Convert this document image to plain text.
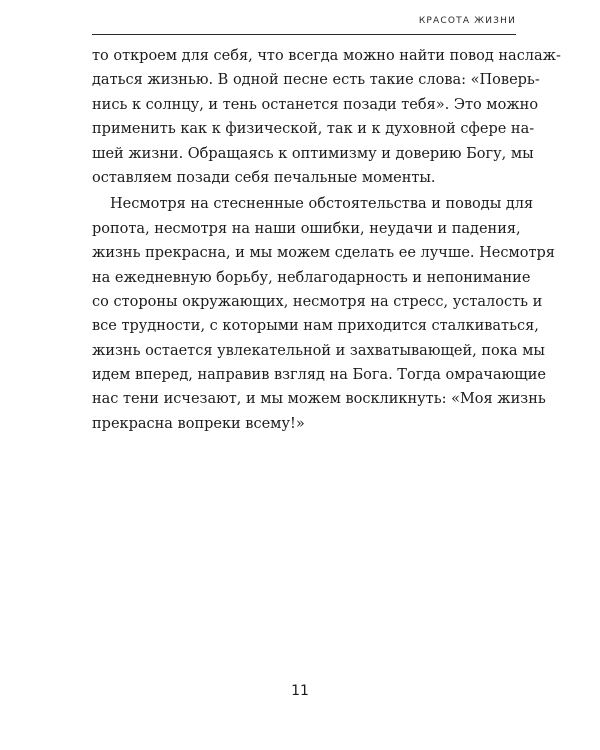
КРАСОТА ЖИЗНИ
то откроем для себя, что всегда можно найти повод наслаж-
даться жизнью. В одной песне есть такие слова: «Поверь-
нись к солнцу, и тень останется позади тебя». Это можно
применить как к физической, так и к духовной сфере на-
шей жизни. Обращаясь к оптимизму и доверию Богу, мы
оставляем позади себя печальные моменты.
Несмотря на стесненные обстоятельства и поводы для
ропота, несмотря на наши ошибки, неудачи и падения,
жизнь прекрасна, и мы можем сделать ее лучше. Несмотря
на ежедневную борьбу, неблагодарность и непонимание
со стороны окружающих, несмотря на стресс, усталость и
все трудности, с которыми нам приходится сталкиваться,
жизнь остается увлекательной и захватывающей, пока мы
идем вперед, направив взгляд на Бога. Тогда омрачающие
нас тени исчезают, и мы можем воскликнуть: «Моя жизнь
прекрасна вопреки всему!»
11
